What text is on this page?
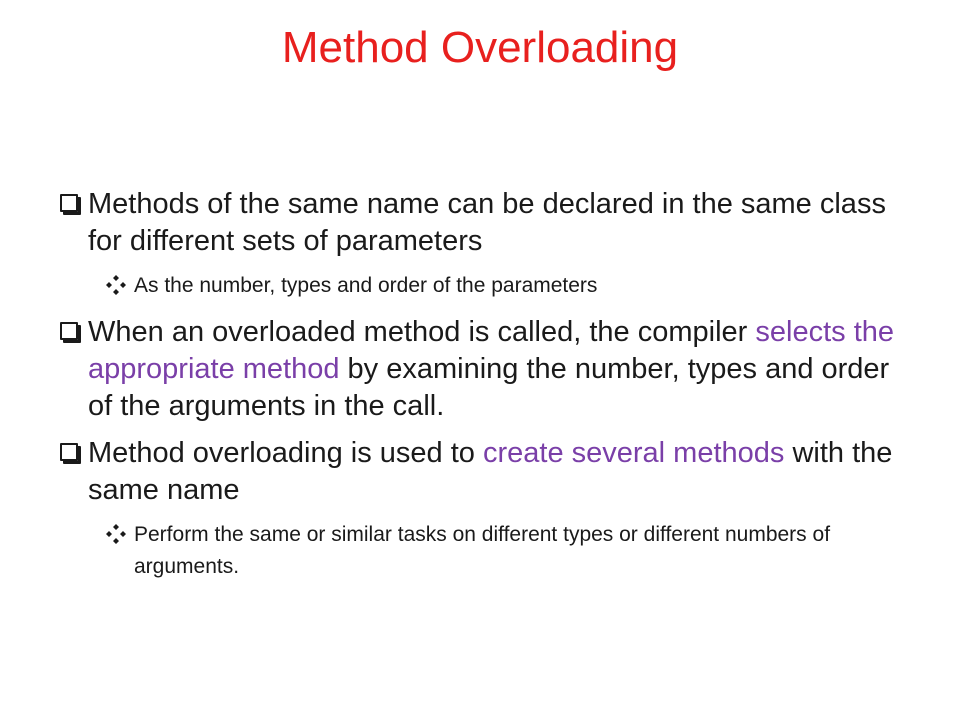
Method Overloading
Methods of the same name can be declared in the same class for different sets of parameters
As the number, types and order of the parameters
When an overloaded method is called, the compiler selects the appropriate method by examining the number, types and order of the arguments in the call.
Method overloading is used to create several methods with the same name
Perform the same or similar tasks on different types or different numbers of arguments.
